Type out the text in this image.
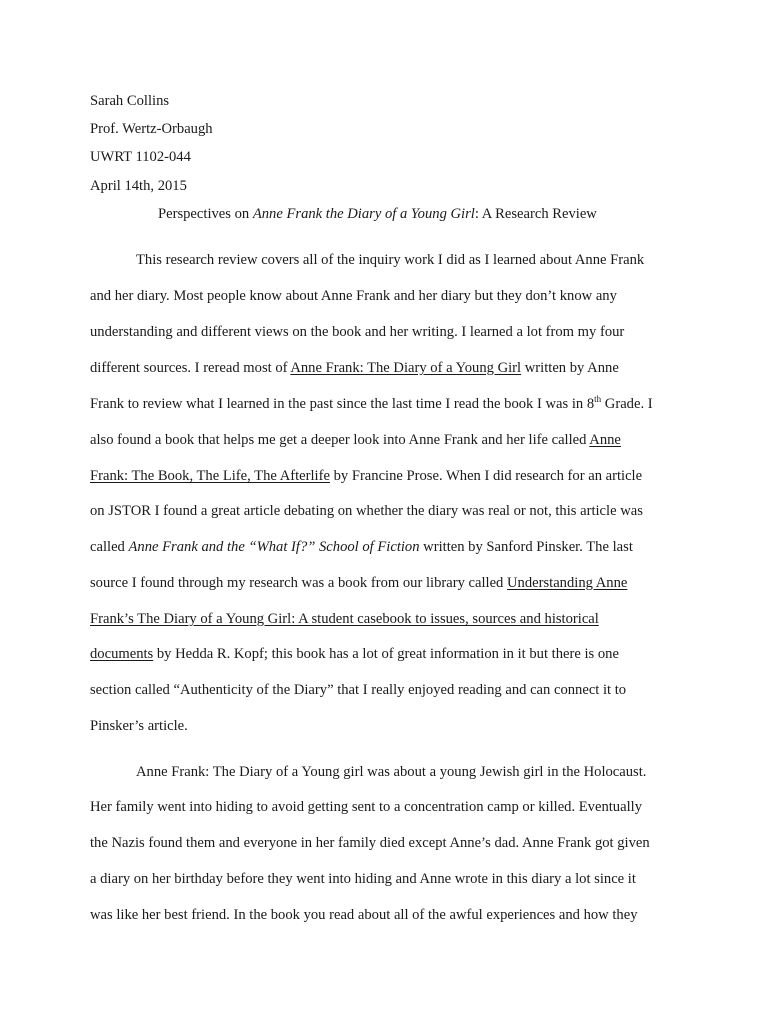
Sarah Collins
Prof. Wertz-Orbaugh
UWRT 1102-044
April 14th, 2015
Perspectives on Anne Frank the Diary of a Young Girl: A Research Review
This research review covers all of the inquiry work I did as I learned about Anne Frank
and her diary. Most people know about Anne Frank and her diary but they don’t know any
understanding and different views on the book and her writing. I learned a lot from my four
different sources. I reread most of Anne Frank: The Diary of a Young Girl written by Anne
Frank to review what I learned in the past since the last time I read the book I was in 8th Grade. I
also found a book that helps me get a deeper look into Anne Frank and her life called Anne
Frank: The Book, The Life, The Afterlife by Francine Prose. When I did research for an article
on JSTOR I found a great article debating on whether the diary was real or not, this article was
called Anne Frank and the “What If?” School of Fiction written by Sanford Pinsker. The last
source I found through my research was a book from our library called Understanding Anne
Frank’s The Diary of a Young Girl: A student casebook to issues, sources and historical
documents by Hedda R. Kopf; this book has a lot of great information in it but there is one
section called “Authenticity of the Diary” that I really enjoyed reading and can connect it to
Pinsker’s article.
Anne Frank: The Diary of a Young girl was about a young Jewish girl in the Holocaust.
Her family went into hiding to avoid getting sent to a concentration camp or killed. Eventually
the Nazis found them and everyone in her family died except Anne’s dad. Anne Frank got given
a diary on her birthday before they went into hiding and Anne wrote in this diary a lot since it
was like her best friend. In the book you read about all of the awful experiences and how they
